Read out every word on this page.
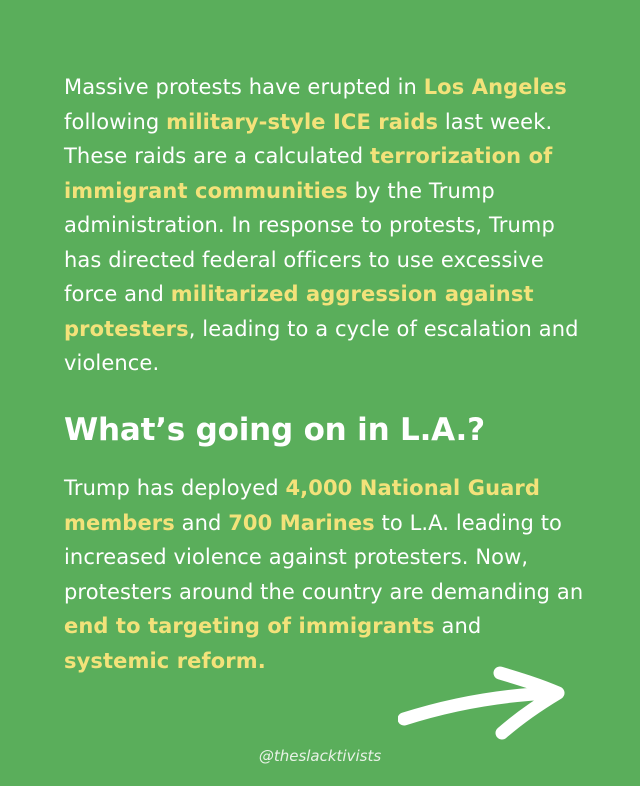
Massive protests have erupted in Los Angeles following military-style ICE raids last week. These raids are a calculated terrorization of immigrant communities by the Trump administration. In response to protests, Trump has directed federal officers to use excessive force and militarized aggression against protesters, leading to a cycle of escalation and violence.

What’s going on in L.A.?

Trump has deployed 4,000 National Guard members and 700 Marines to L.A. leading to increased violence against protesters. Now, protesters around the country are demanding an end to targeting of immigrants and systemic reform.

@theslacktivists
